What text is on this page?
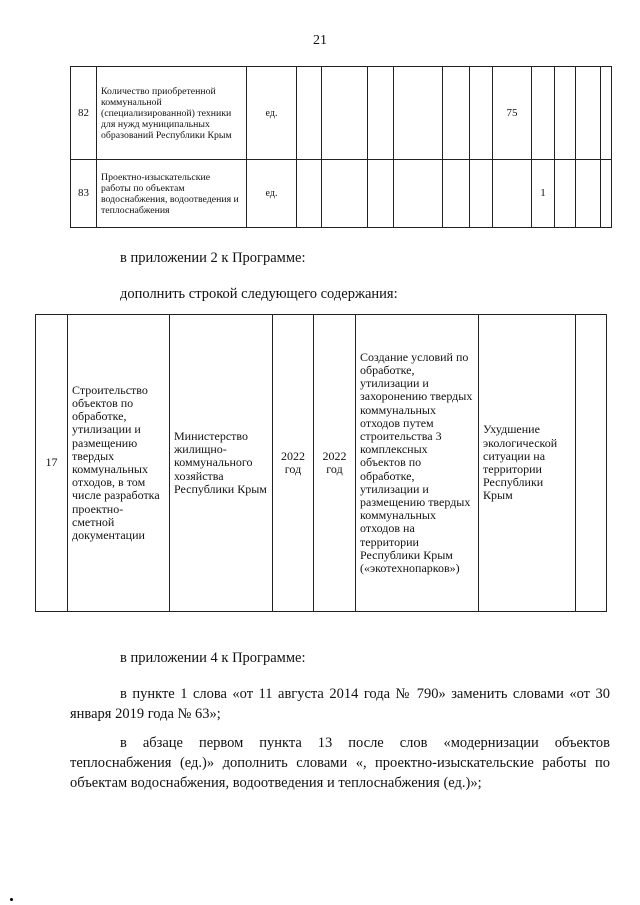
21
82	Количество приобретенной коммунальной (специализированной) техники для нужд муниципальных образований Республики Крым	ед.							75				
83	Проектно-изыскательские работы по объектам водоснабжения, водоотведения и теплоснабжения	ед.								1			

в приложении 2 к Программе:

дополнить строкой следующего содержания:

17	Строительство объектов по обработке, утилизации и размещению твердых коммунальных отходов, в том числе разработка проектно-сметной документации	Министерство жилищно-коммунального хозяйства Республики Крым	2022 год	2022 год	Создание условий по обработке, утилизации и захоронению твердых коммунальных отходов путем строительства 3 комплексных объектов по обработке, утилизации и размещению твердых коммунальных отходов на территории Республики Крым («экотехнопарков»)	Ухудшение экологической ситуации на территории Республики Крым	

в приложении 4 к Программе:

в пункте 1 слова «от 11 августа 2014 года № 790» заменить словами «от 30 января 2019 года № 63»;

в абзаце первом пункта 13 после слов «модернизации объектов теплоснабжения (ед.)» дополнить словами «, проектно-изыскательские работы по объектам водоснабжения, водоотведения и теплоснабжения (ед.)»;
